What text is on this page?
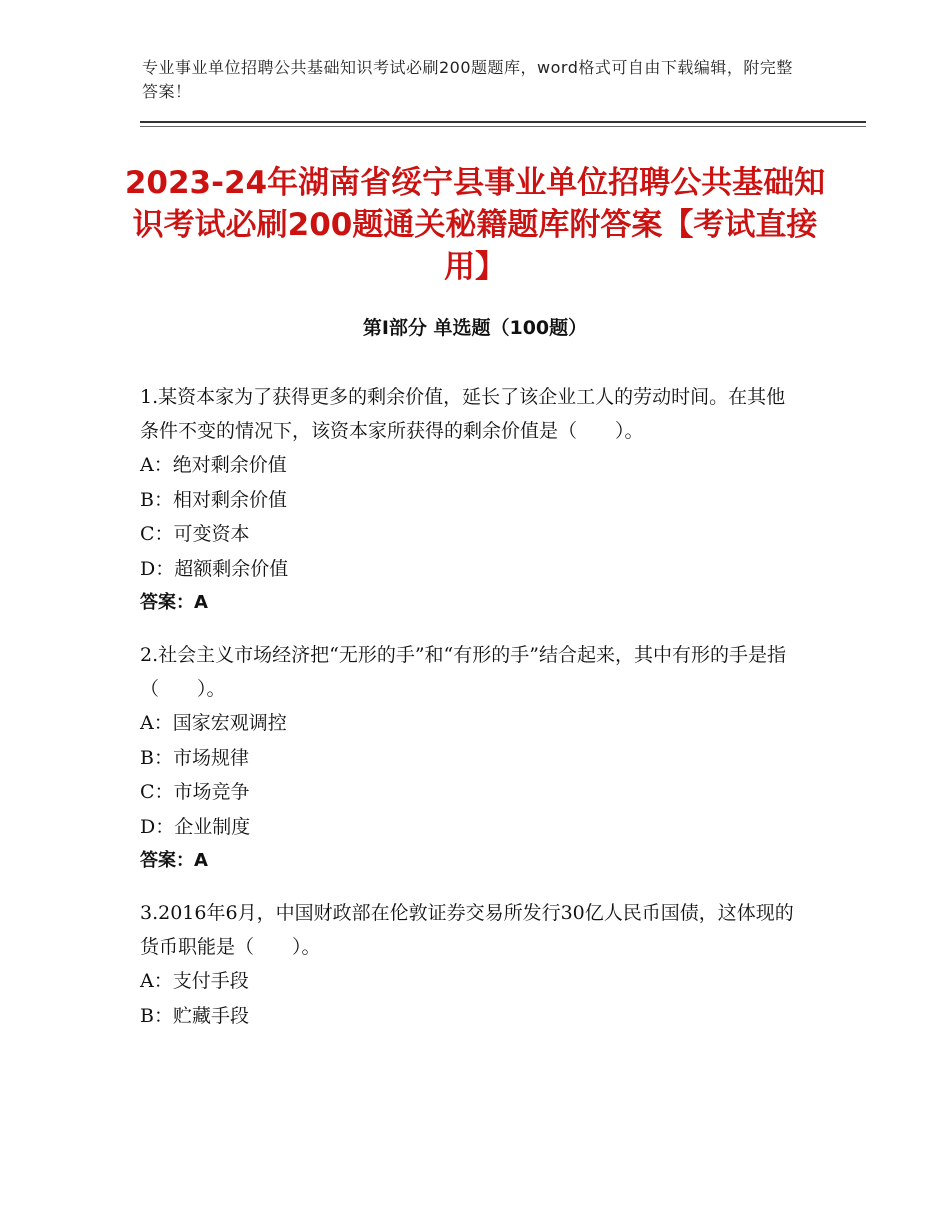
专业事业单位招聘公共基础知识考试必刷200题题库，word格式可自由下载编辑，附完整答案！
2023-24年湖南省绥宁县事业单位招聘公共基础知识考试必刷200题通关秘籍题库附答案【考试直接用】
第I部分 单选题（100题）

1.某资本家为了获得更多的剩余价值，延长了该企业工人的劳动时间。在其他条件不变的情况下，该资本家所获得的剩余价值是（　　）。

A：绝对剩余价值

B：相对剩余价值

C：可变资本

D：超额剩余价值

答案：A

2.社会主义市场经济把“无形的手”和“有形的手”结合起来，其中有形的手是指（　　）。

A：国家宏观调控

B：市场规律

C：市场竞争

D：企业制度

答案：A

3.2016年6月，中国财政部在伦敦证券交易所发行30亿人民币国债，这体现的货币职能是（　　）。

A：支付手段

B：贮藏手段
